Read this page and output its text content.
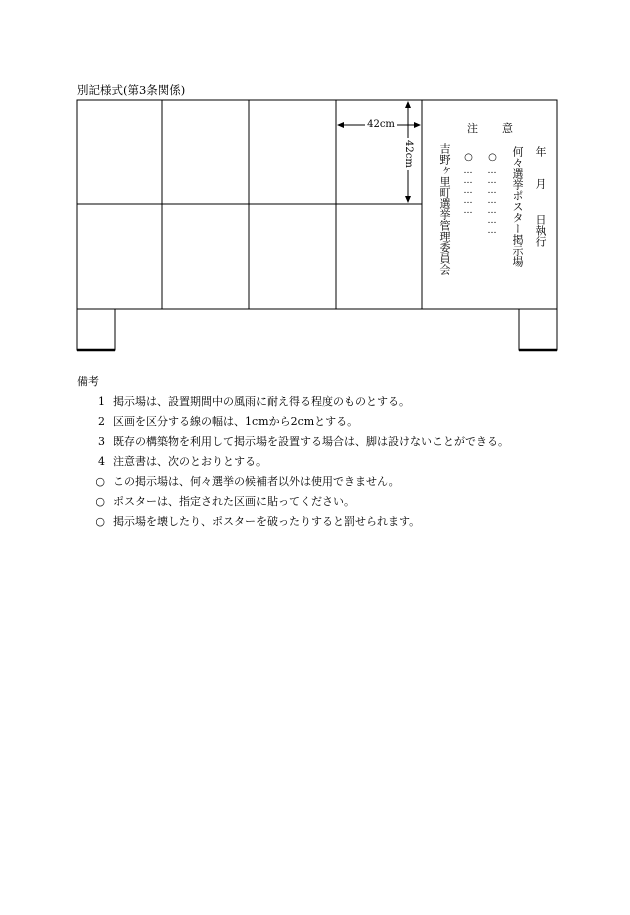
別記様式(第3条関係)
42cm
42cm
注 意
年
月
日執行
何々選挙ポスター掲示場
○
…………………
○
……………
吉野ヶ里町選挙管理委員会
備考
1 掲示場は、設置期間中の風雨に耐え得る程度のものとする。
2 区画を区分する線の幅は、1cmから2cmとする。
3 既存の構築物を利用して掲示場を設置する場合は、脚は設けないことができる。
4 注意書は、次のとおりとする。
○ この掲示場は、何々選挙の候補者以外は使用できません。
○ ポスターは、指定された区画に貼ってください。
○ 掲示場を壊したり、ポスターを破ったりすると罰せられます。
